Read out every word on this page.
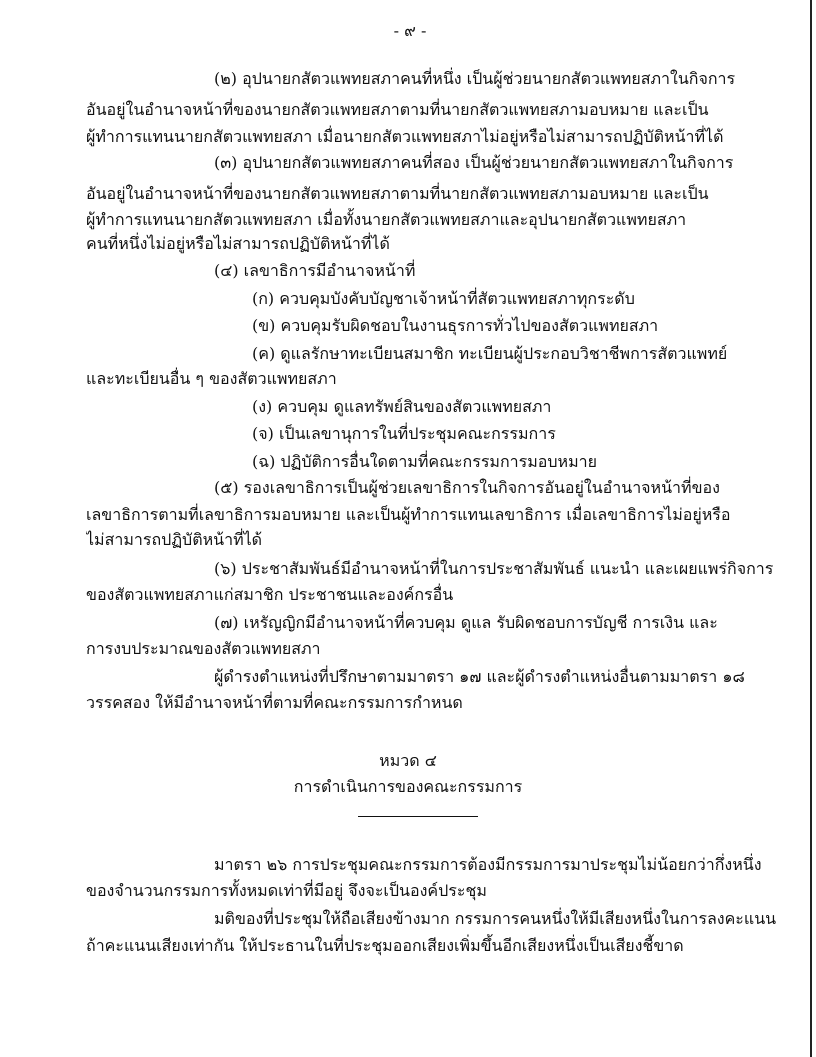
- ๙ -
(๒) อุปนายกสัตวแพทยสภาคนที่หนึ่ง เป็นผู้ช่วยนายกสัตวแพทยสภาในกิจการ
อันอยู่ในอำนาจหน้าที่ของนายกสัตวแพทยสภาตามที่นายกสัตวแพทยสภามอบหมาย และเป็น
ผู้ทำการแทนนายกสัตวแพทยสภา เมื่อนายกสัตวแพทยสภาไม่อยู่หรือไม่สามารถปฏิบัติหน้าที่ได้
(๓) อุปนายกสัตวแพทยสภาคนที่สอง เป็นผู้ช่วยนายกสัตวแพทยสภาในกิจการ
อันอยู่ในอำนาจหน้าที่ของนายกสัตวแพทยสภาตามที่นายกสัตวแพทยสภามอบหมาย และเป็น
ผู้ทำการแทนนายกสัตวแพทยสภา เมื่อทั้งนายกสัตวแพทยสภาและอุปนายกสัตวแพทยสภา
คนที่หนึ่งไม่อยู่หรือไม่สามารถปฏิบัติหน้าที่ได้
(๔) เลขาธิการมีอำนาจหน้าที่
(ก) ควบคุมบังคับบัญชาเจ้าหน้าที่สัตวแพทยสภาทุกระดับ
(ข) ควบคุมรับผิดชอบในงานธุรการทั่วไปของสัตวแพทยสภา
(ค) ดูแลรักษาทะเบียนสมาชิก ทะเบียนผู้ประกอบวิชาชีพการสัตวแพทย์
และทะเบียนอื่น ๆ ของสัตวแพทยสภา
(ง) ควบคุม ดูแลทรัพย์สินของสัตวแพทยสภา
(จ) เป็นเลขานุการในที่ประชุมคณะกรรมการ
(ฉ) ปฏิบัติการอื่นใดตามที่คณะกรรมการมอบหมาย
(๕) รองเลขาธิการเป็นผู้ช่วยเลขาธิการในกิจการอันอยู่ในอำนาจหน้าที่ของ
เลขาธิการตามที่เลขาธิการมอบหมาย และเป็นผู้ทำการแทนเลขาธิการ เมื่อเลขาธิการไม่อยู่หรือ
ไม่สามารถปฏิบัติหน้าที่ได้
(๖) ประชาสัมพันธ์มีอำนาจหน้าที่ในการประชาสัมพันธ์ แนะนำ และเผยแพร่กิจการ
ของสัตวแพทยสภาแก่สมาชิก ประชาชนและองค์กรอื่น
(๗) เหรัญญิกมีอำนาจหน้าที่ควบคุม ดูแล รับผิดชอบการบัญชี การเงิน และ
การงบประมาณของสัตวแพทยสภา
ผู้ดำรงตำแหน่งที่ปรึกษาตามมาตรา ๑๗ และผู้ดำรงตำแหน่งอื่นตามมาตรา ๑๘
วรรคสอง ให้มีอำนาจหน้าที่ตามที่คณะกรรมการกำหนด
หมวด ๔
การดำเนินการของคณะกรรมการ
มาตรา ๒๖ การประชุมคณะกรรมการต้องมีกรรมการมาประชุมไม่น้อยกว่ากึ่งหนึ่ง
ของจำนวนกรรมการทั้งหมดเท่าที่มีอยู่ จึงจะเป็นองค์ประชุม
มติของที่ประชุมให้ถือเสียงข้างมาก กรรมการคนหนึ่งให้มีเสียงหนึ่งในการลงคะแนน
ถ้าคะแนนเสียงเท่ากัน ให้ประธานในที่ประชุมออกเสียงเพิ่มขึ้นอีกเสียงหนึ่งเป็นเสียงชี้ขาด
